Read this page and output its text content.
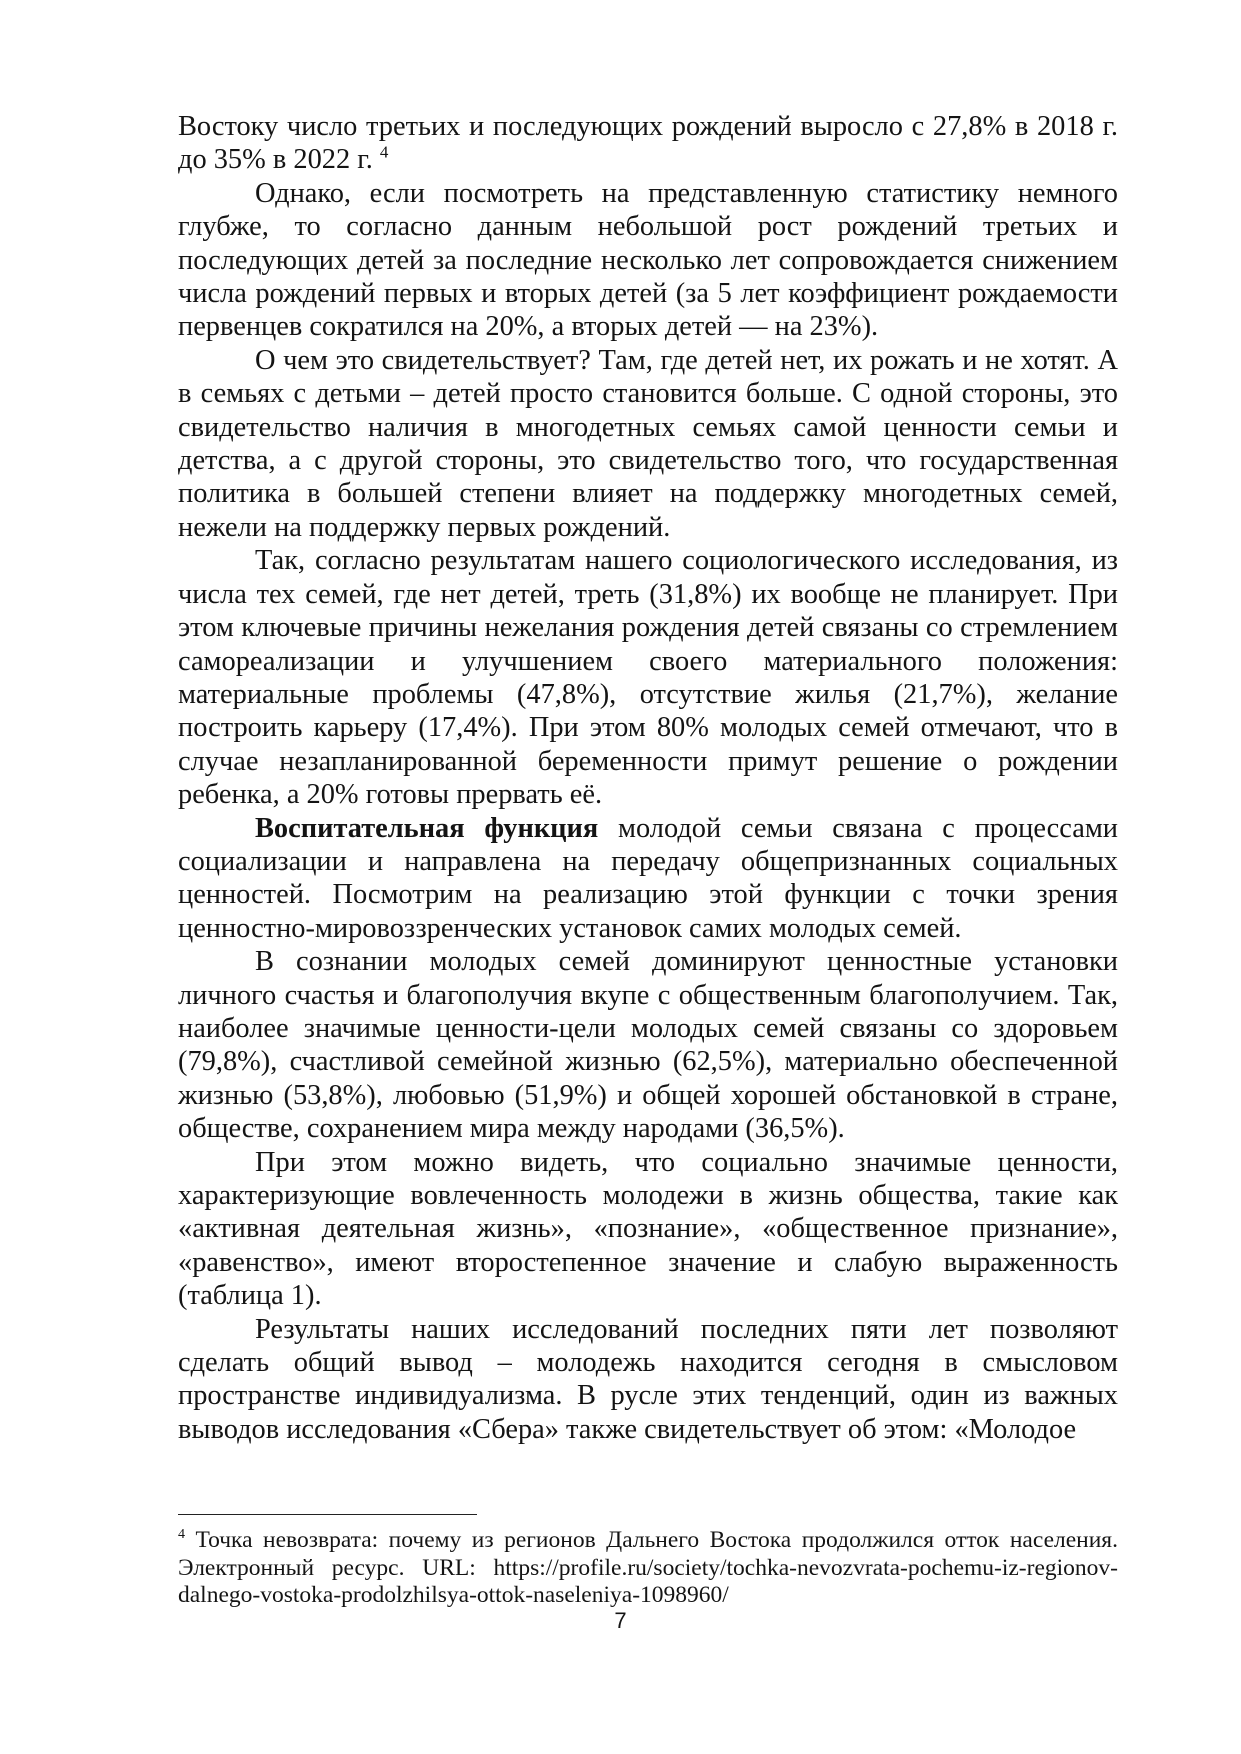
Востоку число третьих и последующих рождений выросло с 27,8% в 2018 г. до 35% в 2022 г. $^4$

Однако, если посмотреть на представленную статистику немного глубже, то согласно данным небольшой рост рождений третьих и последующих детей за последние несколько лет сопровождается снижением числа рождений первых и вторых детей (за 5 лет коэффициент рождаемости первенцев сократился на 20%, а вторых детей — на 23%).

О чем это свидетельствует? Там, где детей нет, их рожать и не хотят. А в семьях с детьми – детей просто становится больше. С одной стороны, это свидетельство наличия в многодетных семьях самой ценности семьи и детства, а с другой стороны, это свидетельство того, что государственная политика в большей степени влияет на поддержку многодетных семей, нежели на поддержку первых рождений.

Так, согласно результатам нашего социологического исследования, из числа тех семей, где нет детей, треть (31,8%) их вообще не планирует. При этом ключевые причины нежелания рождения детей связаны со стремлением самореализации и улучшением своего материального положения: материальные проблемы (47,8%), отсутствие жилья (21,7%), желание построить карьеру (17,4%). При этом 80% молодых семей отмечают, что в случае незапланированной беременности примут решение о рождении ребенка, а 20% готовы прервать её.

Воспитательная функция молодой семьи связана с процессами социализации и направлена на передачу общепризнанных социальных ценностей. Посмотрим на реализацию этой функции с точки зрения ценностно-мировоззренческих установок самих молодых семей.

В сознании молодых семей доминируют ценностные установки личного счастья и благополучия вкупе с общественным благополучием. Так, наиболее значимые ценности-цели молодых семей связаны со здоровьем (79,8%), счастливой семейной жизнью (62,5%), материально обеспеченной жизнью (53,8%), любовью (51,9%) и общей хорошей обстановкой в стране, обществе, сохранением мира между народами (36,5%).

При этом можно видеть, что социально значимые ценности, характеризующие вовлеченность молодежи в жизнь общества, такие как «активная деятельная жизнь», «познание», «общественное признание», «равенство», имеют второстепенное значение и слабую выраженность (таблица 1).

Результаты наших исследований последних пяти лет позволяют сделать общий вывод – молодежь находится сегодня в смысловом пространстве индивидуализма. В русле этих тенденций, один из важных выводов исследования «Сбера» также свидетельствует об этом: «Молодое

$^4$ Точка невозврата: почему из регионов Дальнего Востока продолжился отток населения. Электронный ресурс. URL: https://profile.ru/society/tochka-nevozvrata-pochemu-iz-regionov-dalnego-vostoka-prodolzhilsya-ottok-naseleniya-1098960/
7
